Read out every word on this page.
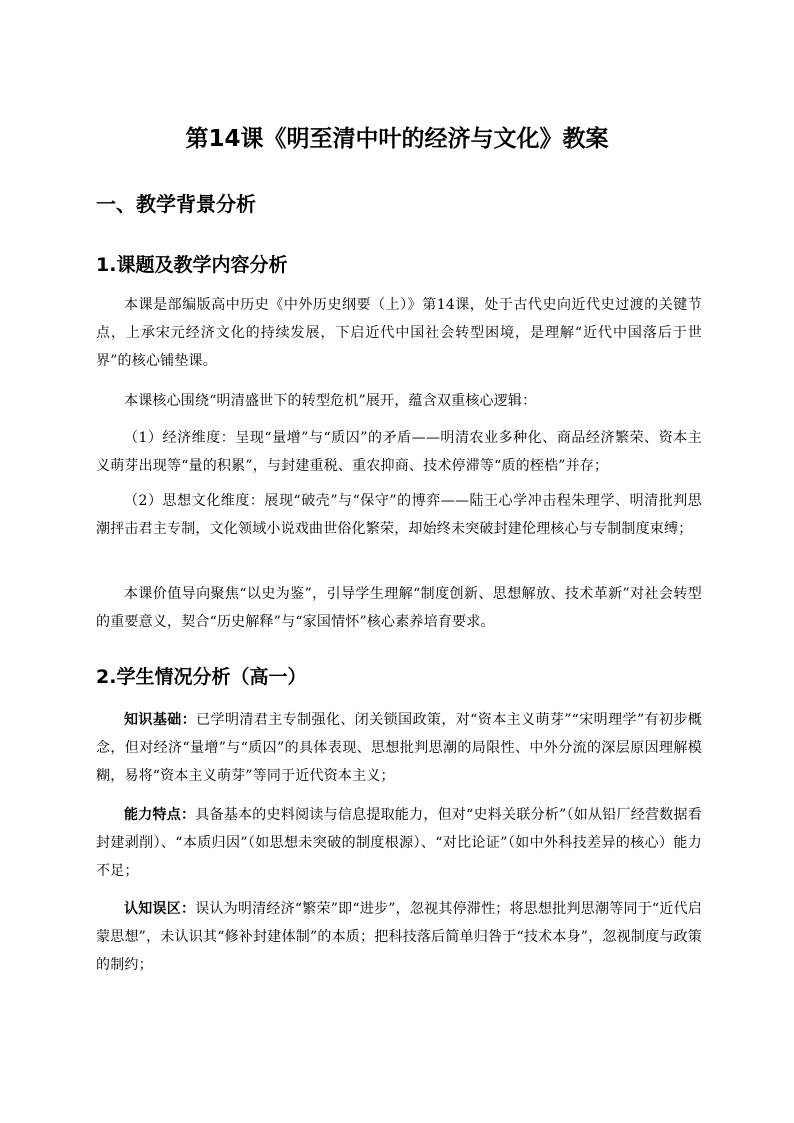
第14课《明至清中叶的经济与文化》教案
一、教学背景分析
1.课题及教学内容分析
本课是部编版高中历史《中外历史纲要（上）》第14课，处于古代史向近代史过渡的关键节点，上承宋元经济文化的持续发展，下启近代中国社会转型困境，是理解“近代中国落后于世界”的核心铺垫课。
本课核心围绕“明清盛世下的转型危机”展开，蕴含双重核心逻辑：
（1）经济维度：呈现“量增”与“质囚”的矛盾——明清农业多种化、商品经济繁荣、资本主义萌芽出现等“量的积累”，与封建重税、重农抑商、技术停滞等“质的桎梏”并存；
（2）思想文化维度：展现“破壳”与“保守”的博弈——陆王心学冲击程朱理学、明清批判思潮抨击君主专制，文化领域小说戏曲世俗化繁荣，却始终未突破封建伦理核心与专制制度束缚；
本课价值导向聚焦“以史为鉴”，引导学生理解“制度创新、思想解放、技术革新”对社会转型的重要意义，契合“历史解释”与“家国情怀”核心素养培育要求。
2.学生情况分析（高一）
知识基础：已学明清君主专制强化、闭关锁国政策，对“资本主义萌芽”“宋明理学”有初步概念，但对经济“量增”与“质囚”的具体表现、思想批判思潮的局限性、中外分流的深层原因理解模糊，易将“资本主义萌芽”等同于近代资本主义；
能力特点：具备基本的史料阅读与信息提取能力，但对“史料关联分析”（如从铅厂经营数据看封建剥削）、“本质归因”（如思想未突破的制度根源）、“对比论证”（如中外科技差异的核心）能力不足；
认知误区：误认为明清经济“繁荣”即“进步”，忽视其停滞性；将思想批判思潮等同于“近代启蒙思想”，未认识其“修补封建体制”的本质；把科技落后简单归咎于“技术本身”，忽视制度与政策的制约；
